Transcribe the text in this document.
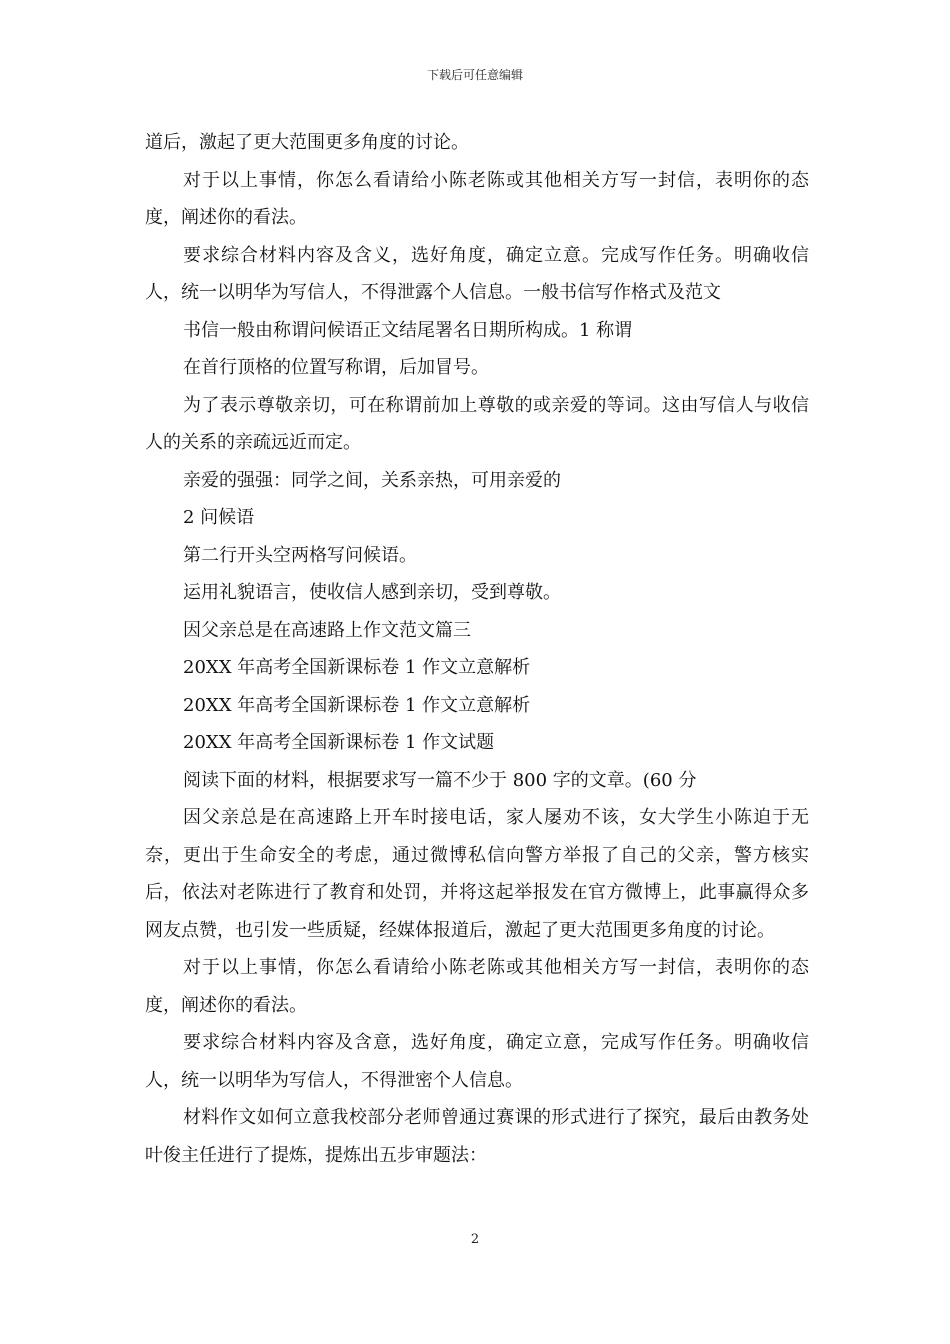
下载后可任意编辑

道后，激起了更大范围更多角度的讨论。

对于以上事情，你怎么看请给小陈老陈或其他相关方写一封信，表明你的态度，阐述你的看法。

要求综合材料内容及含义，选好角度，确定立意。完成写作任务。明确收信人，统一以明华为写信人，不得泄露个人信息。一般书信写作格式及范文

书信一般由称谓问候语正文结尾署名日期所构成。1 称谓

在首行顶格的位置写称谓，后加冒号。

为了表示尊敬亲切，可在称谓前加上尊敬的或亲爱的等词。这由写信人与收信人的关系的亲疏远近而定。

亲爱的强强：同学之间，关系亲热，可用亲爱的

2 问候语

第二行开头空两格写问候语。

运用礼貌语言，使收信人感到亲切，受到尊敬。

因父亲总是在高速路上作文范文篇三

20XX 年高考全国新课标卷 1 作文立意解析

20XX 年高考全国新课标卷 1 作文立意解析

20XX 年高考全国新课标卷 1 作文试题

阅读下面的材料，根据要求写一篇不少于 800 字的文章。(60 分

因父亲总是在高速路上开车时接电话，家人屡劝不该，女大学生小陈迫于无奈，更出于生命安全的考虑，通过微博私信向警方举报了自己的父亲，警方核实后，依法对老陈进行了教育和处罚，并将这起举报发在官方微博上，此事赢得众多网友点赞，也引发一些质疑，经媒体报道后，激起了更大范围更多角度的讨论。

对于以上事情，你怎么看请给小陈老陈或其他相关方写一封信，表明你的态度，阐述你的看法。

要求综合材料内容及含意，选好角度，确定立意，完成写作任务。明确收信人，统一以明华为写信人，不得泄密个人信息。

材料作文如何立意我校部分老师曾通过赛课的形式进行了探究，最后由教务处叶俊主任进行了提炼，提炼出五步审题法：

2
